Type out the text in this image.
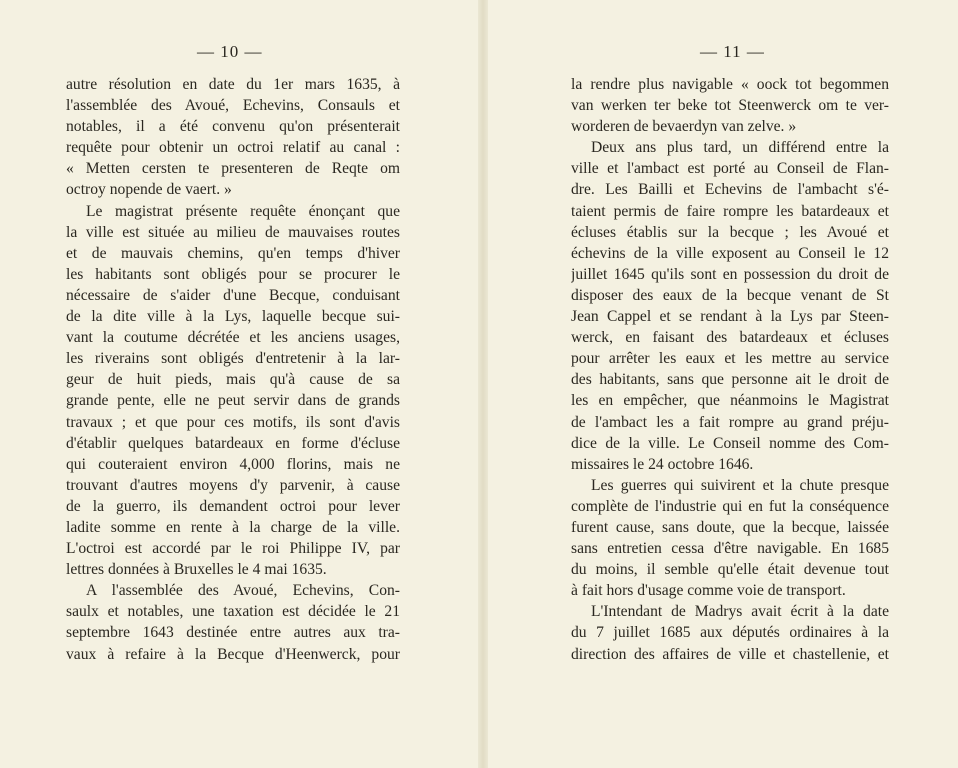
— 10 —
autre résolution en date du 1er mars 1635, à
l'assemblée des Avoué, Echevins, Consauls et
notables, il a été convenu qu'on présenterait
requête pour obtenir un octroi relatif au canal :
« Metten cersten te presenteren de Reqte om
octroy nopende de vaert. »
Le magistrat présente requête énonçant que
la ville est située au milieu de mauvaises routes
et de mauvais chemins, qu'en temps d'hiver
les habitants sont obligés pour se procurer le
nécessaire de s'aider d'une Becque, conduisant
de la dite ville à la Lys, laquelle becque sui-
vant la coutume décrétée et les anciens usages,
les riverains sont obligés d'entretenir à la lar-
geur de huit pieds, mais qu'à cause de sa
grande pente, elle ne peut servir dans de grands
travaux ; et que pour ces motifs, ils sont d'avis
d'établir quelques batardeaux en forme d'écluse
qui couteraient environ 4,000 florins, mais ne
trouvant d'autres moyens d'y parvenir, à cause
de la guerro, ils demandent octroi pour lever
ladite somme en rente à la charge de la ville.
L'octroi est accordé par le roi Philippe IV, par
lettres données à Bruxelles le 4 mai 1635.
A l'assemblée des Avoué, Echevins, Con-
saulx et notables, une taxation est décidée le 21
septembre 1643 destinée entre autres aux tra-
vaux à refaire à la Becque d'Heenwerck, pour
— 11 —
la rendre plus navigable « oock tot begommen
van werken ter beke tot Steenwerck om te ver-
worderen de bevaerdyn van zelve. »
Deux ans plus tard, un différend entre la
ville et l'ambact est porté au Conseil de Flan-
dre. Les Bailli et Echevins de l'ambacht s'é-
taient permis de faire rompre les batardeaux et
écluses établis sur la becque ; les Avoué et
échevins de la ville exposent au Conseil le 12
juillet 1645 qu'ils sont en possession du droit de
disposer des eaux de la becque venant de St
Jean Cappel et se rendant à la Lys par Steen-
werck, en faisant des batardeaux et écluses
pour arrêter les eaux et les mettre au service
des habitants, sans que personne ait le droit de
les en empêcher, que néanmoins le Magistrat
de l'ambact les a fait rompre au grand préju-
dice de la ville. Le Conseil nomme des Com-
missaires le 24 octobre 1646.
Les guerres qui suivirent et la chute presque
complète de l'industrie qui en fut la conséquence
furent cause, sans doute, que la becque, laissée
sans entretien cessa d'être navigable. En 1685
du moins, il semble qu'elle était devenue tout
à fait hors d'usage comme voie de transport.
L'Intendant de Madrys avait écrit à la date
du 7 juillet 1685 aux députés ordinaires à la
direction des affaires de ville et chastellenie, et
